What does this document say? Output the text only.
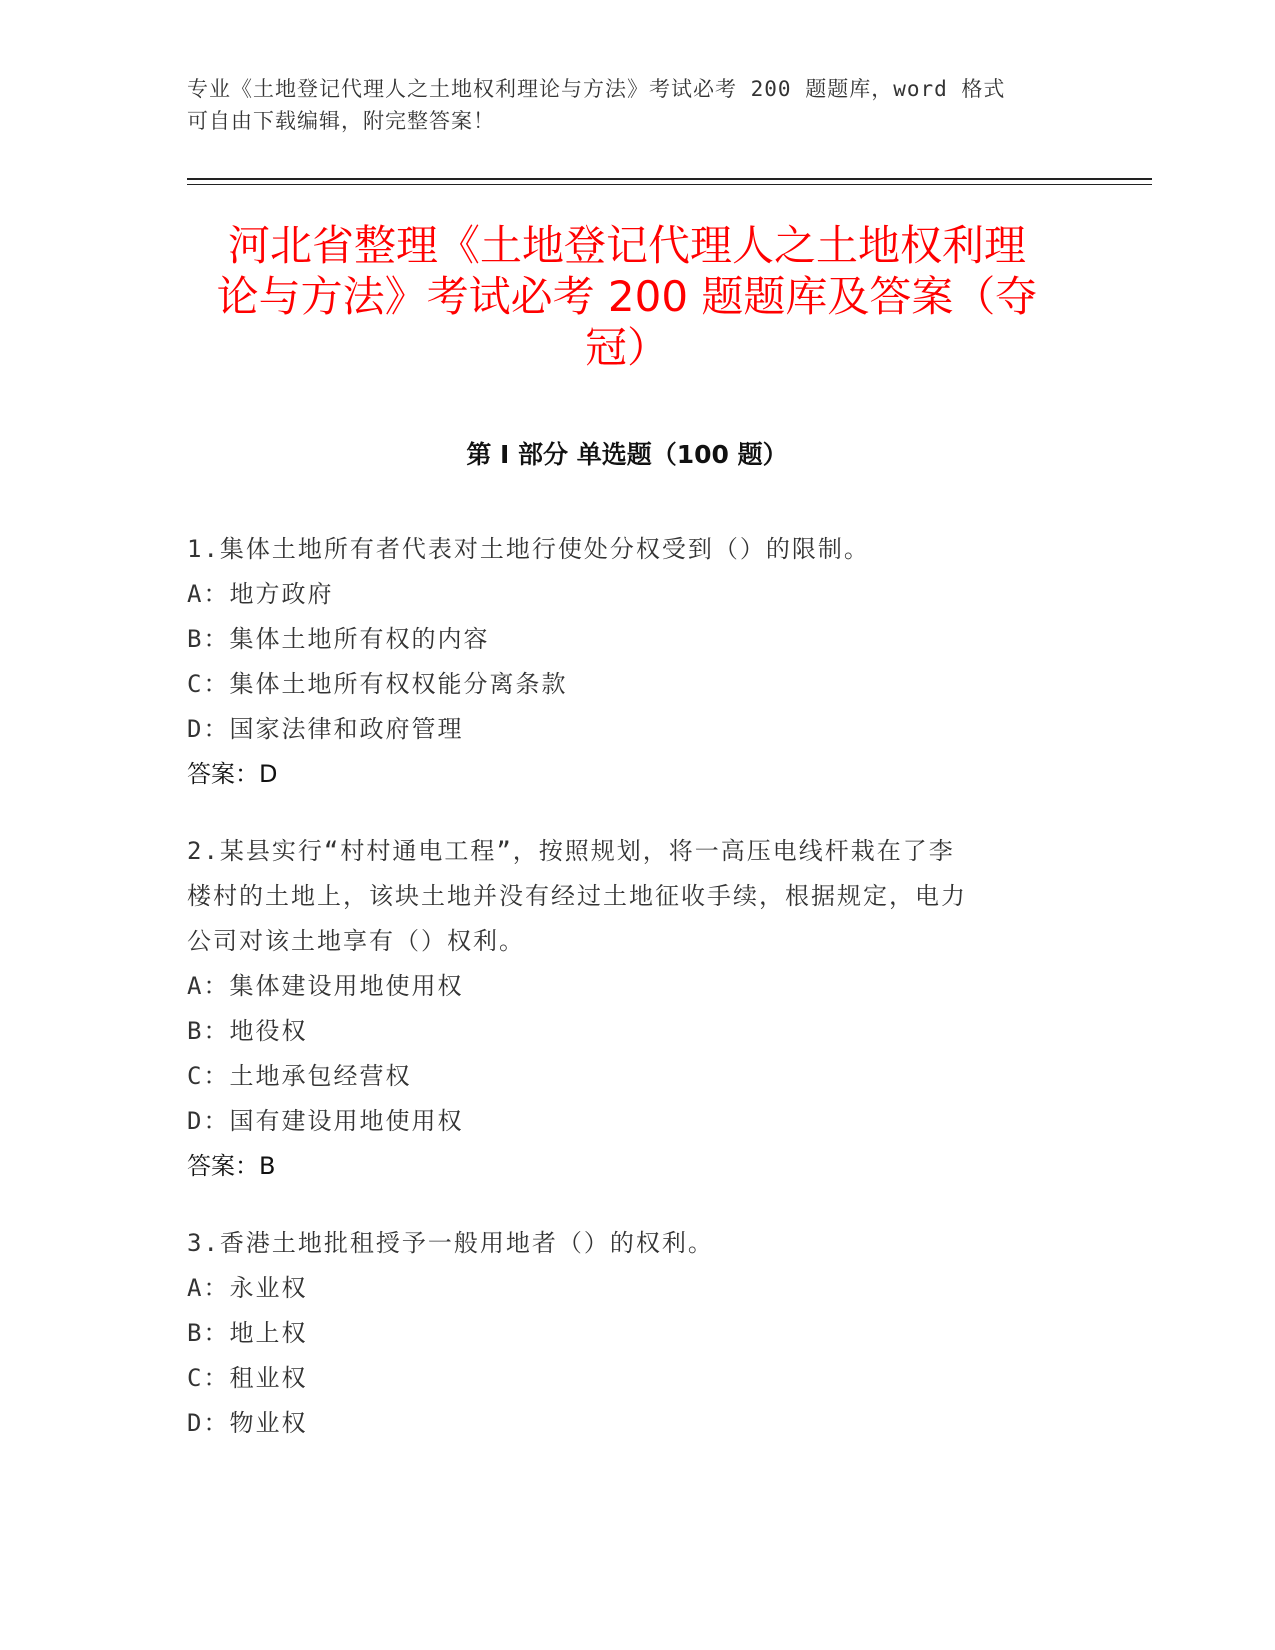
专业《土地登记代理人之土地权利理论与方法》考试必考 200 题题库，word 格式
可自由下载编辑，附完整答案！
河北省整理《土地登记代理人之土地权利理
论与方法》考试必考 200 题题库及答案（夺
冠）
第 I 部分 单选题（100 题）
1.集体土地所有者代表对土地行使处分权受到（）的限制。
A：地方政府
B：集体土地所有权的内容
C：集体土地所有权权能分离条款
D：国家法律和政府管理
答案：D
2.某县实行“村村通电工程”，按照规划，将一高压电线杆栽在了李
楼村的土地上，该块土地并没有经过土地征收手续，根据规定，电力
公司对该土地享有（）权利。
A：集体建设用地使用权
B：地役权
C：土地承包经营权
D：国有建设用地使用权
答案：B
3.香港土地批租授予一般用地者（）的权利。
A：永业权
B：地上权
C：租业权
D：物业权
